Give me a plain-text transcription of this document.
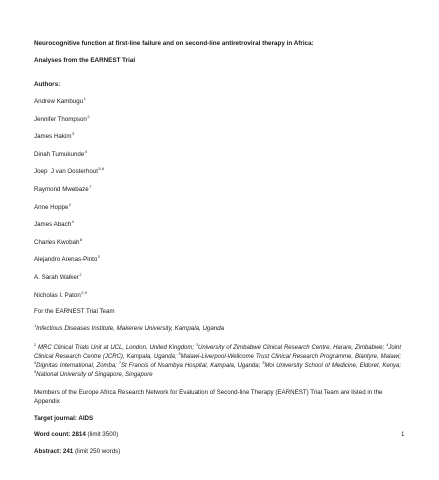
Neurocognitive function at first-line failure and on second-line antiretroviral therapy in Africa:

Analyses from the EARNEST Trial

Authors:

Andrew Kambugu$^1$
Jennifer Thompson$^2$
James Hakim$^3$
Dinah Tumukunde$^4$
Joep  J van Oosterhout$^{5,6}$
Raymond Mwebaze$^7$
Anne Hoppe$^2$
James Abach$^4$
Charles Kwobah$^8$
Alejandro Arenas-Pinto$^2$
A. Sarah Walker$^2$
Nicholas I. Paton$^{2,9}$

For the EARNEST Trial Team

$^1$Infectious Diseases Institute, Makerere University, Kampala, Uganda

$^2$ MRC Clinical Trials Unit at UCL, London, United Kingdom; $^3$University of Zimbabwe Clinical Research Centre, Harare, Zimbabwe; $^4$Joint Clinical Research Centre (JCRC), Kampala, Uganda; $^5$Malawi-Liverpool-Wellcome Trust Clinical Research Programme, Blantyre, Malawi; $^6$Dignitas International, Zomba; $^7$St Francis of Nsambya Hospital, Kampala, Uganda; $^8$Moi University School of Medicine, Eldoret, Kenya; $^9$National University of Singapore, Singapore

Members of the Europe Africa Research Network for Evaluation of Second-line Therapy (EARNEST) Trial Team are listed in the Appendix

Target journal: AIDS

Word count: 2814 (limit 3500)

Abstract: 241 (limit 250 words)

1
